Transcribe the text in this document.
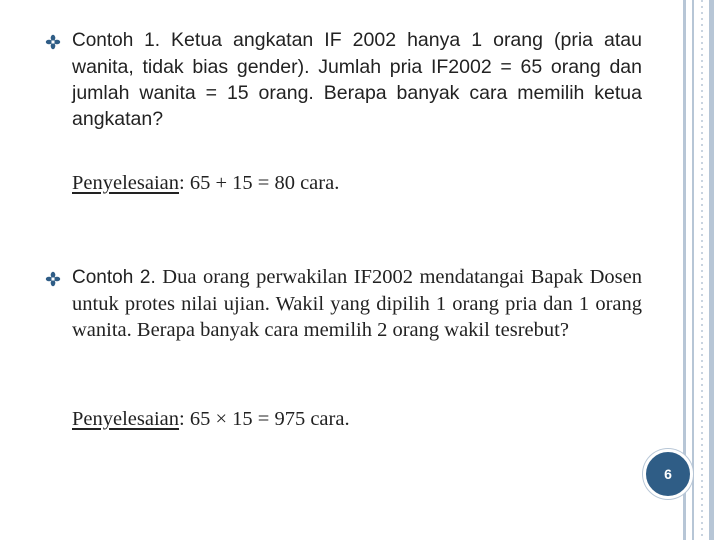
Contoh 1. Ketua angkatan IF 2002 hanya 1 orang (pria atau wanita, tidak bias gender). Jumlah pria IF2002 = 65 orang dan jumlah wanita = 15 orang. Berapa banyak cara memilih ketua angkatan?

Penyelesaian: 65 + 15 = 80 cara.

Contoh 2. Dua orang perwakilan IF2002 mendatangai Bapak Dosen untuk protes nilai ujian. Wakil yang dipilih 1 orang pria dan 1 orang wanita. Berapa banyak cara memilih 2 orang wakil tesrebut?

Penyelesaian: 65 × 15 = 975 cara.
6
